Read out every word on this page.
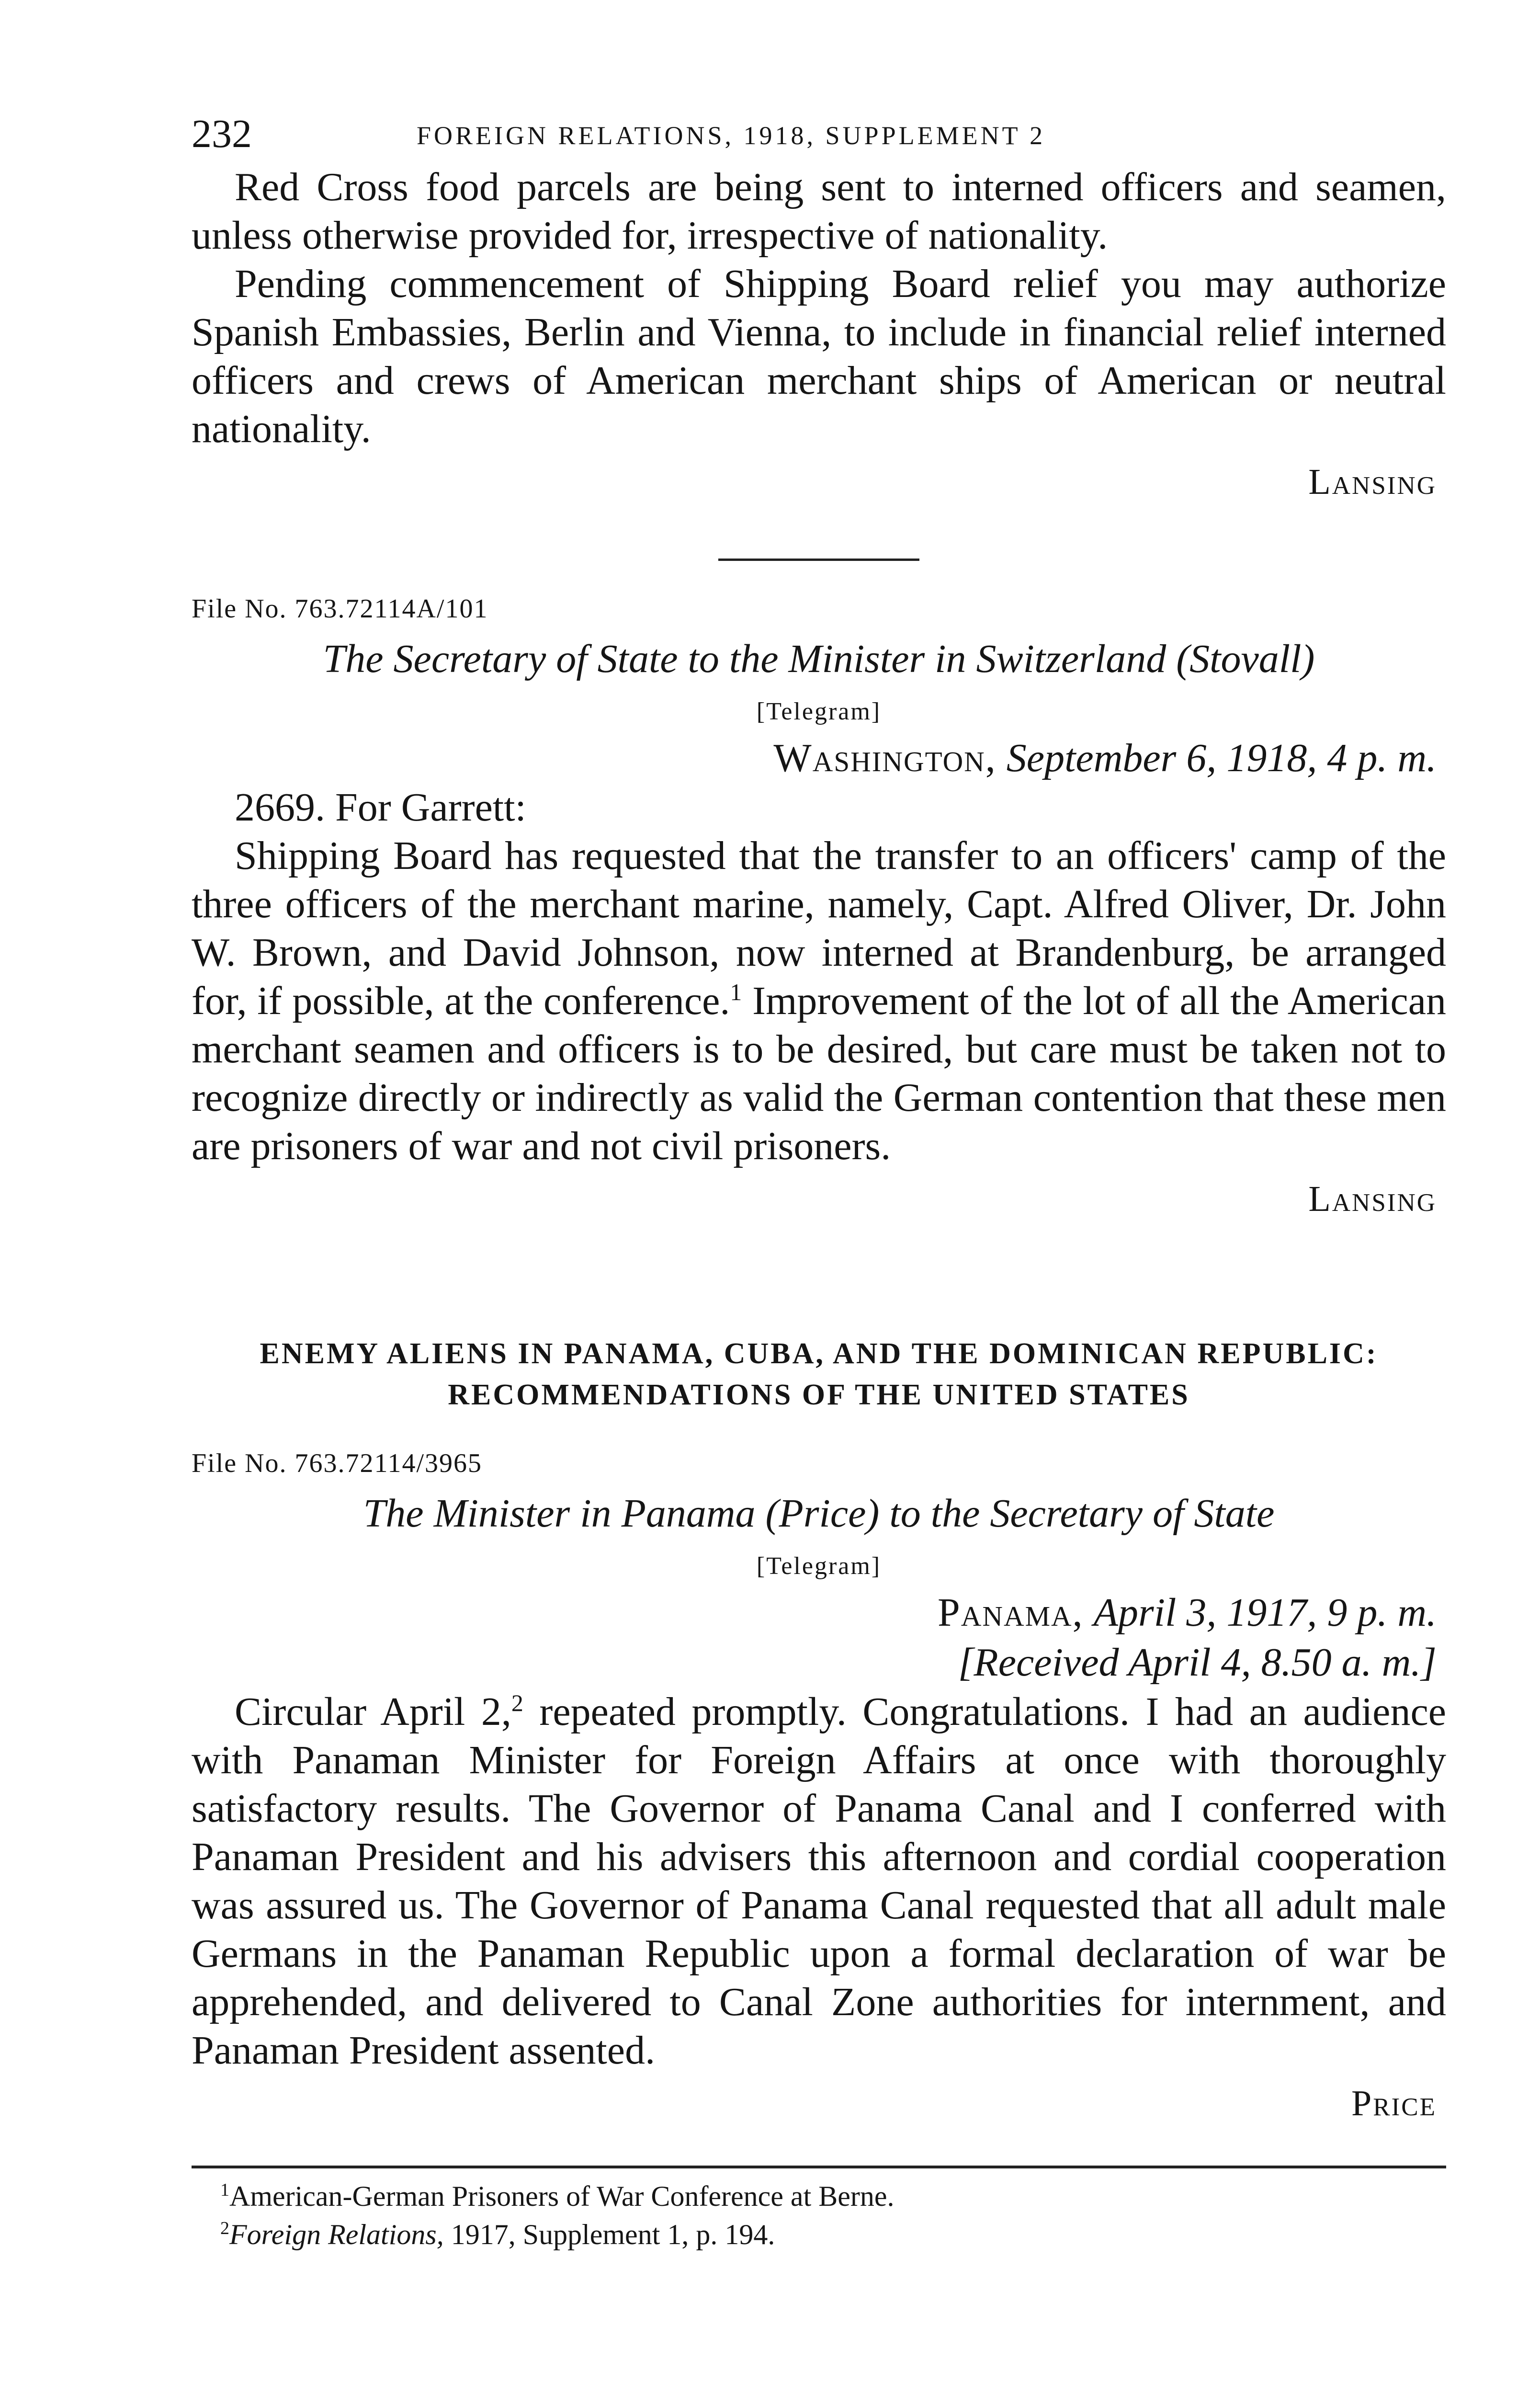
232	FOREIGN RELATIONS, 1918, SUPPLEMENT 2

Red Cross food parcels are being sent to interned officers and seamen, unless otherwise provided for, irrespective of nationality.

Pending commencement of Shipping Board relief you may authorize Spanish Embassies, Berlin and Vienna, to include in financial relief interned officers and crews of American merchant ships of American or neutral nationality.

Lansing
File No. 763.72114A/101
The Secretary of State to the Minister in Switzerland (Stovall)
[Telegram]
Washington, September 6, 1918, 4 p. m.

2669. For Garrett:

Shipping Board has requested that the transfer to an officers' camp of the three officers of the merchant marine, namely, Capt. Alfred Oliver, Dr. John W. Brown, and David Johnson, now interned at Brandenburg, be arranged for, if possible, at the conference.$^1$ Improvement of the lot of all the American merchant seamen and officers is to be desired, but care must be taken not to recognize directly or indirectly as valid the German contention that these men are prisoners of war and not civil prisoners.

Lansing
ENEMY ALIENS IN PANAMA, CUBA, AND THE DOMINICAN REPUBLIC: RECOMMENDATIONS OF THE UNITED STATES
File No. 763.72114/3965
The Minister in Panama (Price) to the Secretary of State
[Telegram]
Panama, April 3, 1917, 9 p. m.
[Received April 4, 8.50 a. m.]

Circular April 2,$^2$ repeated promptly. Congratulations. I had an audience with Panaman Minister for Foreign Affairs at once with thoroughly satisfactory results. The Governor of Panama Canal and I conferred with Panaman President and his advisers this afternoon and cordial cooperation was assured us. The Governor of Panama Canal requested that all adult male Germans in the Panaman Republic upon a formal declaration of war be apprehended, and delivered to Canal Zone authorities for internment, and Panaman President assented.

Price
$^1$American-German Prisoners of War Conference at Berne.
$^2$Foreign Relations, 1917, Supplement 1, p. 194.
